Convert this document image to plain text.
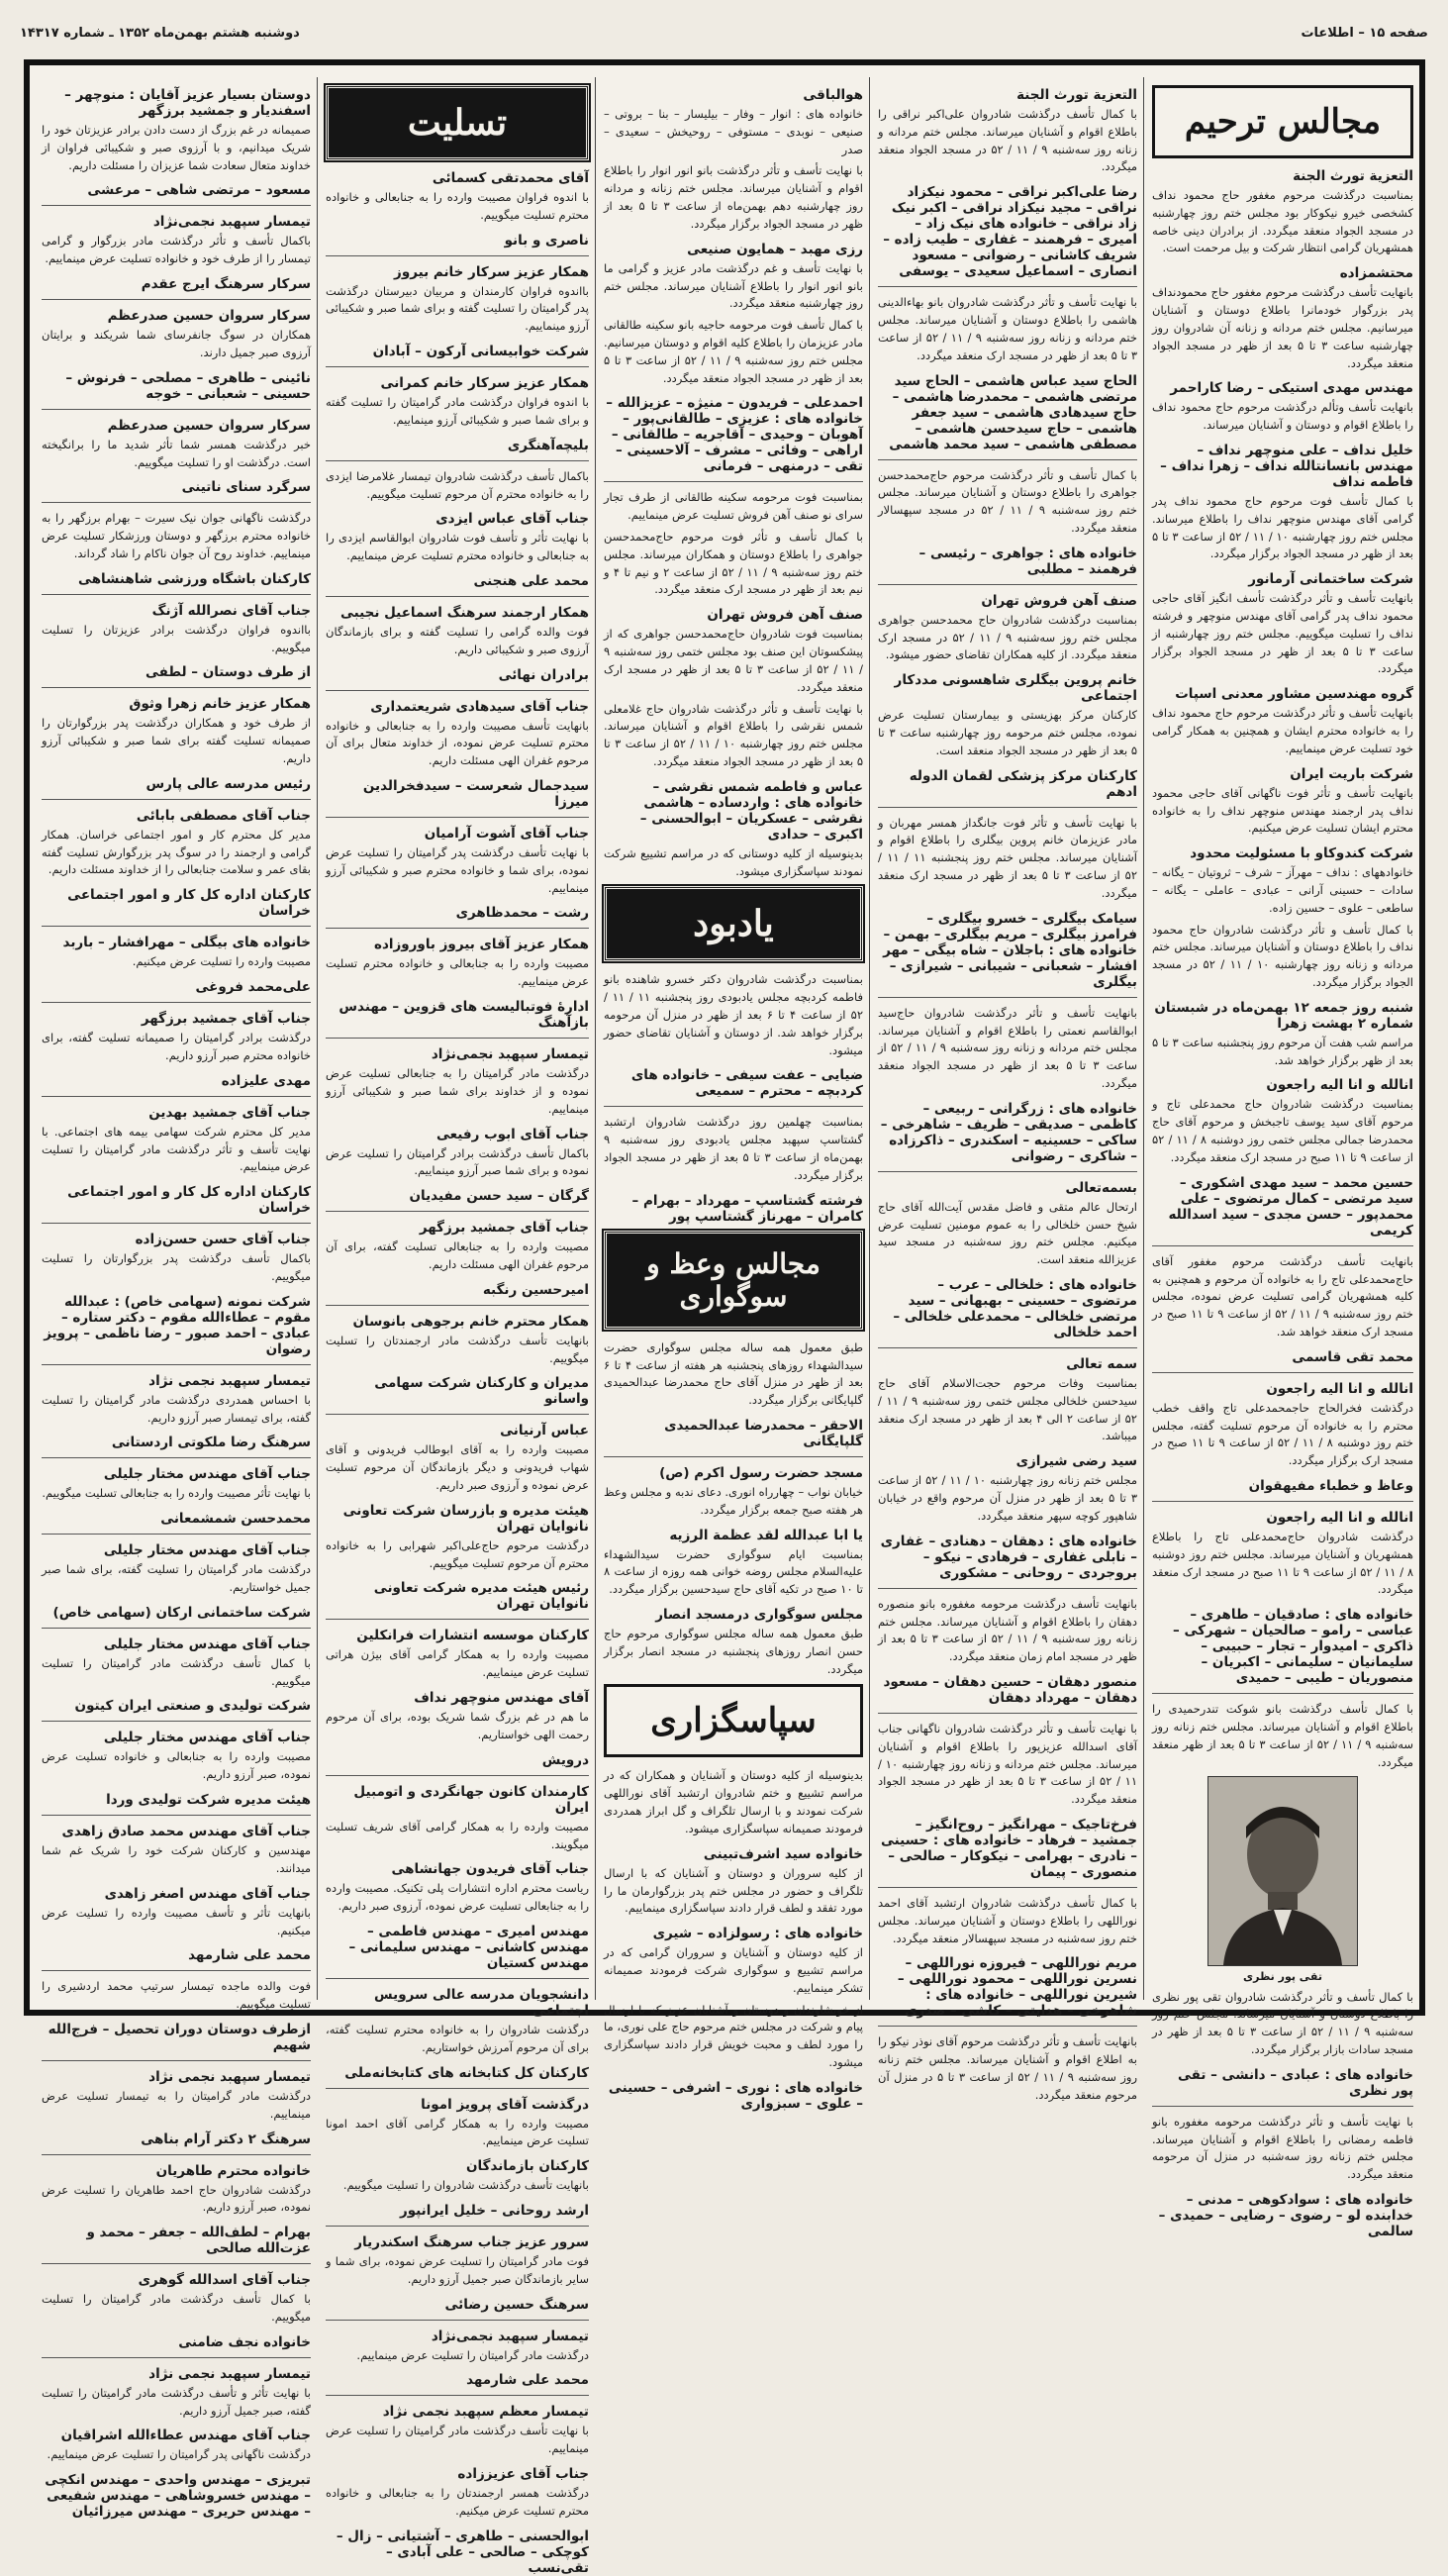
صفحه ۱۵ – اطلاعات
دوشنبه هشتم بهمن‌ماه ۱۳۵۲ ـ شماره ۱۴۳۱۷
مجالس ترحیم
التعزیة تورث الجنة
بمناسبت درگذشت مرحوم مغفور حاج محمود نداف کشخصی خیرو نیکوکار بود مجلس ختم روز چهارشنبه در مسجد الجواد منعقد میگردد. از برادران دینی خاصه همشهریان گرامی انتظار شرکت و بیل مرحمت است.
محتشمزاده
بانهایت تأسف درگذشت مرحوم مغفور حاج محمودنداف پدر بزرگوار خودمانرا باطلاع دوستان و آشنایان میرسانیم. مجلس ختم مردانه و زنانه آن شادروان روز چهارشنبه ساعت ۳ تا ۵ بعد از ظهر در مسجد الجواد منعقد میگردد.
مهندس مهدی استیکی – رضا کاراحمر
بانهایت تأسف وتألم درگذشت مرحوم حاج محمود نداف را باطلاع اقوام و دوستان و آشنایان میرساند.
خلیل نداف – علی منوچهر نداف – مهندس بانسانتالله نداف – زهرا نداف – فاطمه نداف
با کمال تأسف فوت مرحوم حاج محمود نداف پدر گرامی آقای مهندس منوچهر نداف را باطلاع میرساند. مجلس ختم روز چهارشنبه ۱۰ / ۱۱ / ۵۲ از ساعت ۳ تا ۵ بعد از ظهر در مسجد الجواد برگزار میگردد.
شرکت ساختمانی آرمانور
بانهایت تأسف و تأثر درگذشت تأسف انگیز آقای حاجی محمود نداف پدر گرامی آقای مهندس منوچهر و فرشته نداف را تسلیت میگوییم. مجلس ختم روز چهارشنبه از ساعت ۳ تا ۵ بعد از ظهر در مسجد الجواد برگزار میگردد.
گروه مهندسین مشاور معدنی اسپات
بانهایت تأسف و تأثر درگذشت مرحوم حاج محمود نداف را به خانواده محترم ایشان و همچنین به همکار گرامی خود تسلیت عرض مینماییم.
شرکت باریت ایران
بانهایت تأسف و تأثر فوت ناگهانی آقای حاجی محمود نداف پدر ارجمند مهندس منوچهر نداف را به خانواده محترم ایشان تسلیت عرض میکنیم.
شرکت کندوکاو با مسئولیت محدود
خانوادههای : نداف – مهرآز – شرف – ثروتیان – یگانه – سادات – حسینی آرانی – عبادی – عاملی – یگانه – ساطعی – علوی – حسین زاده.
با کمال تأسف و تأثر درگذشت شادروان حاج محمود نداف را باطلاع دوستان و آشنایان میرساند. مجلس ختم مردانه و زنانه روز چهارشنبه ۱۰ / ۱۱ / ۵۲ در مسجد الجواد برگزار میگردد.
شنبه روز جمعه ۱۲ بهمن‌ماه در شبستان شماره ۲ بهشت زهرا
مراسم شب هفت آن مرحوم روز پنجشنبه ساعت ۳ تا ۵ بعد از ظهر برگزار خواهد شد.
انالله و انا الیه راجعون
بمناسبت درگذشت شادروان حاج محمدعلی تاج و مرحوم آقای سید یوسف تاجبخش و مرحوم آقای حاج محمدرضا جمالی مجلس ختمی روز دوشنبه ۸ / ۱۱ / ۵۲ از ساعت ۹ تا ۱۱ صبح در مسجد ارک منعقد میگردد.
حسین محمد – سید مهدی اشکوری – سید مرتضی – کمال مرتضوی – علی محمدپور – حسن مجدی – سید اسدالله کریمی
بانهایت تأسف درگذشت مرحوم مغفور آقای حاج‌محمدعلی تاج را به خانواده آن مرحوم و همچنین به کلیه همشهریان گرامی تسلیت عرض نموده، مجلس ختم روز سه‌شنبه ۹ / ۱۱ / ۵۲ از ساعت ۹ تا ۱۱ صبح در مسجد ارک منعقد خواهد شد.
محمد تقی قاسمی
انالله و انا الیه راجعون
درگذشت فخرالحاج حاجمحمدعلی تاج واقف خطب محترم را به خانواده آن مرحوم تسلیت گفته، مجلس ختم روز دوشنبه ۸ / ۱۱ / ۵۲ از ساعت ۹ تا ۱۱ صبح در مسجد ارک برگزار میگردد.
وعاظ و خطباء مفیهقوان
انالله و انا الیه راجعون
درگذشت شادروان حاج‌محمدعلی تاج را باطلاع همشهریان و آشنایان میرساند. مجلس ختم روز دوشنبه ۸ / ۱۱ / ۵۲ از ساعت ۹ تا ۱۱ صبح در مسجد ارک منعقد میگردد.
خانواده های : صادقیان – طاهری – عباسی – رامو – صالحیان – شهرکی – ذاکری – امیدوار – تجار – حبیبی – سلیمانیان – سلیمانی – اکبریان – منصوریان – طیبی – حمیدی
با کمال تأسف درگذشت بانو شوکت تندرحمیدی را باطلاع اقوام و آشنایان میرساند. مجلس ختم زنانه روز سه‌شنبه ۹ / ۱۱ / ۵۲ از ساعت ۳ تا ۵ بعد از ظهر منعقد میگردد.
تقی پور نظری
با کمال تأسف و تأثر درگذشت شادروان تقی پور نظری را باطلاع دوستان و آشنایان میرساند. مجلس ختم روز سه‌شنبه ۹ / ۱۱ / ۵۲ از ساعت ۳ تا ۵ بعد از ظهر در مسجد سادات بازار برگزار میگردد.
خانواده های : عبادی – دانشی – تقی پور نظری
با نهایت تأسف و تأثر درگذشت مرحومه مغفوره بانو فاطمه رمضانی را باطلاع اقوام و آشنایان میرساند. مجلس ختم زنانه روز سه‌شنبه در منزل آن مرحومه منعقد میگردد.
خانواده های : سوادکوهی – مدنی – خدابنده لو – رضوی – رضایی – حمیدی – سالمی
التعزیة تورث الجنة
با کمال تأسف درگذشت شادروان علی‌اکبر نراقی را باطلاع اقوام و آشنایان میرساند. مجلس ختم مردانه و زنانه روز سه‌شنبه ۹ / ۱۱ / ۵۲ در مسجد الجواد منعقد میگردد.
رضا علی‌اکبر نراقی – محمود نیکزاد نراقی – مجید نیکزاد نراقی – اکبر نیک زاد نراقی – خانواده های نیک زاد – امیری – فرهمند – غفاری – طیب زاده – شریف کاشانی – رضوانی – مسعود انصاری – اسماعیل سعیدی – یوسفی
با نهایت تأسف و تأثر درگذشت شادروان بانو بهاءالدینی هاشمی را باطلاع دوستان و آشنایان میرساند. مجلس ختم مردانه و زنانه روز سه‌شنبه ۹ / ۱۱ / ۵۲ از ساعت ۳ تا ۵ بعد از ظهر در مسجد ارک منعقد میگردد.
الحاج سید عباس هاشمی – الحاج سید مرتضی هاشمی – محمدرضا هاشمی – حاج سیدهادی هاشمی – سید جعفر هاشمی – حاج سیدحسن هاشمی – مصطفی هاشمی – سید محمد هاشمی
با کمال تأسف و تأثر درگذشت مرحوم حاج‌محمدحسن جواهری را باطلاع دوستان و آشنایان میرساند. مجلس ختم روز سه‌شنبه ۹ / ۱۱ / ۵۲ در مسجد سپهسالار منعقد میگردد.
خانواده های : جواهری – رئیسی – فرهمند – مطلبی
صنف آهن فروش تهران
بمناسبت درگذشت شادروان حاج محمدحسن جواهری مجلس ختم روز سه‌شنبه ۹ / ۱۱ / ۵۲ در مسجد ارک منعقد میگردد. از کلیه همکاران تقاضای حضور میشود.
خانم پروین بیگلری شاهسونی مددکار اجتماعی
کارکنان مرکز بهزیستی و بیمارستان تسلیت عرض نموده، مجلس ختم مرحومه روز چهارشنبه ساعت ۳ تا ۵ بعد از ظهر در مسجد الجواد منعقد است.
کارکنان مرکز پزشکی لقمان الدوله ادهم
با نهایت تأسف و تأثر فوت جانگداز همسر مهربان و مادر عزیزمان خانم پروین بیگلری را باطلاع اقوام و آشنایان میرساند. مجلس ختم روز پنجشنبه ۱۱ / ۱۱ / ۵۲ از ساعت ۳ تا ۵ بعد از ظهر در مسجد ارک منعقد میگردد.
سیامک بیگلری – خسرو بیگلری – فرامرز بیگلری – مریم بیگلری – بهمن – خانواده های : باجلان – شاه بیگی – مهر افشار – شعبانی – شیبانی – شیرازی – بیگلری
بانهایت تأسف و تأثر درگذشت شادروان حاج‌سید ابوالقاسم نعمتی را باطلاع اقوام و آشنایان میرساند. مجلس ختم مردانه و زنانه روز سه‌شنبه ۹ / ۱۱ / ۵۲ از ساعت ۳ تا ۵ بعد از ظهر در مسجد الجواد منعقد میگردد.
خانواده های : زرگرانی – ربیعی – کاظمی – صدیقی – ظریف – شاهرخی – ساکی – حسینیه – اسکندری – ذاکرزاده – شاکری – رضوانی
بسمه‌تعالی
ارتحال عالم متقی و فاضل مقدس آیت‌الله آقای حاج شیخ حسن خلخالی را به عموم مومنین تسلیت عرض میکنیم. مجلس ختم روز سه‌شنبه در مسجد سید عزیزالله منعقد است.
خانواده های : خلخالی – عرب – مرتضوی – حسینی – بهبهانی – سید مرتضی خلخالی – محمدعلی خلخالی – احمد خلخالی
سمه تعالی
بمناسبت وفات مرحوم حجت‌الاسلام آقای حاج سیدحسن خلخالی مجلس ختمی روز سه‌شنبه ۹ / ۱۱ / ۵۲ از ساعت ۲ الی ۴ بعد از ظهر در مسجد ارک منعقد میباشد.
سید رضی شیرازی
مجلس ختم زنانه روز چهارشنبه ۱۰ / ۱۱ / ۵۲ از ساعت ۳ تا ۵ بعد از ظهر در منزل آن مرحوم واقع در خیابان شاهپور کوچه سپهر منعقد میگردد.
خانواده های : دهقان – دهنادی – غفاری – نابلی غفاری – فرهادی – نیکو – بروجردی – روحانی – مشکوری
بانهایت تأسف درگذشت مرحومه مغفوره بانو منصوره دهقان را باطلاع اقوام و آشنایان میرساند. مجلس ختم زنانه روز سه‌شنبه ۹ / ۱۱ / ۵۲ از ساعت ۳ تا ۵ بعد از ظهر در مسجد امام زمان منعقد میگردد.
منصور دهقان – حسین دهقان – مسعود دهقان – مهرداد دهقان
با نهایت تأسف و تأثر درگذشت شادروان ناگهانی جناب آقای اسدالله عزیزپور را باطلاع اقوام و آشنایان میرساند. مجلس ختم مردانه و زنانه روز چهارشنبه ۱۰ / ۱۱ / ۵۲ از ساعت ۳ تا ۵ بعد از ظهر در مسجد الجواد منعقد میگردد.
فرخ‌تاجیک – مهرانگیز – روح‌انگیز – جمشید – فرهاد – خانواده های : حسینی – نادری – بهرامی – نیکوکار – صالحی – منصوری – پیمان
با کمال تأسف درگذشت شادروان ارتشبد آقای احمد نوراللهی را باطلاع دوستان و آشنایان میرساند. مجلس ختم روز سه‌شنبه در مسجد سپهسالار منعقد میگردد.
مریم نوراللهی – فیروزه نوراللهی – نسرین نوراللهی – محمود نوراللهی – شیرین نوراللهی – خانواده های : شاهرخی – هدایتی – کاشی – صدری
بانهایت تأسف و تأثر درگذشت مرحوم آقای نوذر نیکو را به اطلاع اقوام و آشنایان میرساند. مجلس ختم زنانه روز سه‌شنبه ۹ / ۱۱ / ۵۲ از ساعت ۳ تا ۵ در منزل آن مرحوم منعقد میگردد.
هوالباقی
خانواده های : انوار – وفار – بیلیسار – بنا – بروتی – صنیعی – نوبدی – مستوفی – روحیخش – سعیدی – صدر
با نهایت تأسف و تأثر درگذشت بانو انور انوار را باطلاع اقوام و آشنایان میرساند. مجلس ختم زنانه و مردانه روز چهارشنبه دهم بهمن‌ماه از ساعت ۳ تا ۵ بعد از ظهر در مسجد الجواد برگزار میگردد.
رزی مهبد – همایون صنیعی
با نهایت تأسف و غم درگذشت مادر عزیز و گرامی ما بانو انور انوار را باطلاع آشنایان میرساند. مجلس ختم روز چهارشنبه منعقد میگردد.
با کمال تأسف فوت مرحومه حاجیه بانو سکینه طالقانی مادر عزیزمان را باطلاع کلیه اقوام و دوستان میرسانیم. مجلس ختم روز سه‌شنبه ۹ / ۱۱ / ۵۲ از ساعت ۳ تا ۵ بعد از ظهر در مسجد الجواد منعقد میگردد.
احمدعلی – فریدون – منیژه – عزیزالله – خانواده های : عزیزی – طالقانی‌پور – آهوبان – وحیدی – آقاجریه – طالقانی – اراهی – وفائی – مشرف – آلاحسینی – تقی – درمنهی – فرمانی
بمناسبت فوت مرحومه سکینه طالقانی از طرف تجار سرای نو صنف آهن فروش تسلیت عرض مینماییم.
با کمال تأسف و تأثر فوت مرحوم حاج‌محمدحسن جواهری را باطلاع دوستان و همکاران میرساند. مجلس ختم روز سه‌شنبه ۹ / ۱۱ / ۵۲ از ساعت ۲ و نیم تا ۴ و نیم بعد از ظهر در مسجد ارک منعقد میگردد.
صنف آهن فروش تهران
بمناسبت فوت شادروان حاج‌محمدحسن جواهری که از پیشکسوتان این صنف بود مجلس ختمی روز سه‌شنبه ۹ / ۱۱ / ۵۲ از ساعت ۳ تا ۵ بعد از ظهر در مسجد ارک منعقد میگردد.
با نهایت تأسف و تأثر درگذشت شادروان حاج غلامعلی شمس نقرشی را باطلاع اقوام و آشنایان میرساند. مجلس ختم روز چهارشنبه ۱۰ / ۱۱ / ۵۲ از ساعت ۳ تا ۵ بعد از ظهر در مسجد الجواد منعقد میگردد.
عباس و فاطمه شمس نقرشی – خانواده های : واردساده – هاشمی نقرشی – عسکریان – ابوالحسنی – اکبری – حدادی
بدینوسیله از کلیه دوستانی که در مراسم تشییع شرکت نمودند سپاسگزاری میشود.
یادبود
بمناسبت درگذشت شادروان دکتر خسرو شاهنده بانو فاطمه کردبچه مجلس یادبودی روز پنجشنبه ۱۱ / ۱۱ / ۵۲ از ساعت ۴ تا ۶ بعد از ظهر در منزل آن مرحومه برگزار خواهد شد. از دوستان و آشنایان تقاضای حضور میشود.
ضیایی – عفت سیفی – خانواده های کردبچه – محترم – سمیعی
بمناسبت چهلمین روز درگذشت شادروان ارتشبد گشتاسپ سپهبد مجلس یادبودی روز سه‌شنبه ۹ بهمن‌ماه از ساعت ۳ تا ۵ بعد از ظهر در مسجد الجواد برگزار میگردد.
فرشته گشتاسپ – مهرداد – بهرام – کامران – مهرناز گشتاسپ پور
مجالس وعظ و سوگواری
طبق معمول همه ساله مجلس سوگواری حضرت سیدالشهداء روزهای پنجشنبه هر هفته از ساعت ۴ تا ۶ بعد از ظهر در منزل آقای حاج محمدرضا عبدالحمیدی گلپایگانی برگزار میگردد.
الاحقر – محمدرضا عبدالحمیدی گلپایگانی
مسجد حضرت رسول اکرم (ص)
خیابان نواب – چهارراه انوری. دعای ندبه و مجلس وعظ هر هفته صبح جمعه برگزار میگردد.
یا ابا عبدالله لقد عظمة الرزیه
بمناسبت ایام سوگواری حضرت سیدالشهداء علیه‌السلام مجلس روضه خوانی همه روزه از ساعت ۸ تا ۱۰ صبح در تکیه آقای حاج سیدحسین برگزار میگردد.
مجلس سوگواری درمسجد انصار
طبق معمول همه ساله مجلس سوگواری مرحوم حاج حسن انصار روزهای پنجشنبه در مسجد انصار برگزار میگردد.
سپاسگزاری
بدینوسیله از کلیه دوستان و آشنایان و همکاران که در مراسم تشییع و ختم شادروان ارتشبد آقای نوراللهی شرکت نمودند و با ارسال تلگراف و گل ابراز همدردی فرمودند صمیمانه سپاسگزاری میشود.
خانواده سید اشرف‌تبینی
از کلیه سروران و دوستان و آشنایان که با ارسال تلگراف و حضور در مجلس ختم پدر بزرگوارمان ما را مورد تفقد و لطف قرار دادند سپاسگزاری مینماییم.
خانواده های : رسولزاده – شیری
از کلیه دوستان و آشنایان و سروران گرامی که در مراسم تشییع و سوگواری شرکت فرمودند صمیمانه تشکر مینماییم.
از خویشاوندان و دوستان و آشنایان عزیز که با ارسال پیام و شرکت در مجلس ختم مرحوم حاج علی نوری، ما را مورد لطف و محبت خویش قرار دادند سپاسگزاری میشود.
خانواده های : نوری – اشرفی – حسینی – علوی – سبزواری
تسلیت
آقای محمدتقی کسمائی
با اندوه فراوان مصیبت وارده را به جنابعالی و خانواده محترم تسلیت میگوییم.
ناصری و بانو
همکار عزیز سرکار خانم بیروز
بااندوه فراوان کارمندان و مربیان دبیرستان درگذشت پدر گرامیتان را تسلیت گفته و برای شما صبر و شکیبائی آرزو مینماییم.
شرکت خوابیسانی آرکون – آبادان
همکار عزیز سرکار خانم کمرانی
با اندوه فراوان درگذشت مادر گرامیتان را تسلیت گفته و برای شما صبر و شکیبائی آرزو مینماییم.
بلیچه‌آهنگری
باکمال تأسف درگذشت شادروان تیمسار غلامرضا ایزدی را به خانواده محترم آن مرحوم تسلیت میگوییم.
جناب آقای عباس ایزدی
با نهایت تأثر و تأسف فوت شادروان ابوالقاسم ایزدی را به جنابعالی و خانواده محترم تسلیت عرض مینماییم.
محمد علی هنجنی
همکار ارجمند سرهنگ اسماعیل نجیبی
فوت والده گرامی را تسلیت گفته و برای بازماندگان آرزوی صبر و شکیبائی داریم.
برادران نهائی
جناب آقای سیدهادی شریعتمداری
بانهایت تأسف مصیبت وارده را به جنابعالی و خانواده محترم تسلیت عرض نموده، از خداوند متعال برای آن مرحوم غفران الهی مسئلت داریم.
سیدجمال شعرست – سیدفخرالدین میرزا
جناب آقای آشوت آرامیان
با نهایت تأسف درگذشت پدر گرامیتان را تسلیت عرض نموده، برای شما و خانواده محترم صبر و شکیبائی آرزو مینماییم.
رشت – محمدظاهری
همکار عزیز آقای بیروز باوروزاده
مصیبت وارده را به جنابعالی و خانواده محترم تسلیت عرض مینماییم.
ادارۀ فوتبالیست های قزوین – مهندس بازآهنگ
تیمسار سپهبد نجمی‌نژاد
درگذشت مادر گرامیتان را به جنابعالی تسلیت عرض نموده و از خداوند برای شما صبر و شکیبائی آرزو مینماییم.
جناب آقای ابوب رفیعی
باکمال تأسف درگذشت برادر گرامیتان را تسلیت عرض نموده و برای شما صبر آرزو مینماییم.
گرگان – سید حسن مفیدیان
جناب آقای جمشید برزگهر
مصیبت وارده را به جنابعالی تسلیت گفته، برای آن مرحوم غفران الهی مسئلت داریم.
امیرحسین رنگبه
همکار محترم خانم برجوهی بانوسان
بانهایت تأسف درگذشت مادر ارجمندتان را تسلیت میگوییم.
مدیران و کارکنان شرکت سهامی واسانو
عباس آرنیانی
مصیبت وارده را به آقای ابوطالب فریدونی و آقای شهاب فریدونی و دیگر بازماندگان آن مرحوم تسلیت عرض نموده و آرزوی صبر داریم.
هیئت مدیره و بازرسان شرکت تعاونی نانوایان تهران
درگذشت مرحوم حاج‌علی‌اکبر شهرابی را به خانواده محترم آن مرحوم تسلیت میگوییم.
رئیس هیئت مدیره شرکت تعاونی نانوایان تهران
کارکنان موسسه انتشارات فرانکلین
مصیبت وارده را به همکار گرامی آقای بیژن هراتی تسلیت عرض مینماییم.
آقای مهندس منوچهر نداف
ما هم در غم بزرگ شما شریک بوده، برای آن مرحوم رحمت الهی خواستاریم.
درویش
کارمندان کانون جهانگردی و اتومبیل ایران
مصیبت وارده را به همکار گرامی آقای شریف تسلیت میگویند.
جناب آقای فریدون جهانشاهی
ریاست محترم اداره انتشارات پلی تکنیک. مصیبت وارده را به جنابعالی تسلیت عرض نموده، آرزوی صبر داریم.
مهندس امیری – مهندس فاطمی – مهندس کاشانی – مهندس سلیمانی – مهندس کستیان
دانشجویان مدرسه عالی سرویس اجتماعی
درگذشت شادروان را به خانواده محترم تسلیت گفته، برای آن مرحوم آمرزش خواستاریم.
کارکنان کل کتابخانه های کتابخانه‌ملی
درگذشت آقای پرویز امونا
مصیبت وارده را به همکار گرامی آقای احمد امونا تسلیت عرض مینماییم.
کارکنان بازماندگان
بانهایت تأسف درگذشت شادروان را تسلیت میگوییم.
ارشد روحانی – خلیل ایرانپور
سرور عزیز جناب سرهنگ اسکندریار
فوت مادر گرامیتان را تسلیت عرض نموده، برای شما و سایر بازماندگان صبر جمیل آرزو داریم.
سرهنگ حسین رضائی
تیمسار سپهبد نجمی‌نژاد
درگذشت مادر گرامیتان را تسلیت عرض مینماییم.
محمد علی شارمهد
تیمسار معظم سپهبد نجمی نژاد
با نهایت تأسف درگذشت مادر گرامیتان را تسلیت عرض مینماییم.
جناب آقای عزیززاده
درگذشت همسر ارجمندتان را به جنابعالی و خانواده محترم تسلیت عرض میکنیم.
ابوالحسنی – طاهری – آشتیانی – زال – کوچکی – صالحی – علی آبادی – تقی‌نسب
دوستان بسیار عزیز آقایان : منوچهر – اسفندیار و جمشید برزگهر
صمیمانه در غم بزرگ از دست دادن برادر عزیزتان خود را شریک میدانیم، و با آرزوی صبر و شکیبائی فراوان از خداوند متعال سعادت شما عزیزان را مسئلت داریم.
مسعود – مرتضی شاهی – مرعشی
تیمسار سپهبد نجمی‌نژاد
باکمال تأسف و تأثر درگذشت مادر بزرگوار و گرامی تیمسار را از طرف خود و خانواده تسلیت عرض مینماییم.
سرکار سرهنگ ایرج عقدم
سرکار سروان حسین صدرعظم
همکاران در سوگ جانفرسای شما شریکند و برایتان آرزوی صبر جمیل دارند.
نائینی – طاهری – مصلحی – فرنوش – حسینی – شعبانی – خوجه
سرکار سروان حسین صدرعظم
خبر درگذشت همسر شما تأثر شدید ما را برانگیخته است. درگذشت او را تسلیت میگوییم.
سرگرد سنای ناتینی
درگذشت ناگهانی جوان نیک سیرت – بهرام برزگهر را به خانواده محترم برزگهر و دوستان ورزشکار تسلیت عرض مینماییم. خداوند روح آن جوان ناکام را شاد گرداند.
کارکنان باشگاه ورزشی شاهنشاهی
جناب آقای نصرالله آژنگ
بااندوه فراوان درگذشت برادر عزیزتان را تسلیت میگوییم.
از طرف دوستان – لطفی
همکار عزیز خانم زهرا وثوق
از طرف خود و همکاران درگذشت پدر بزرگوارتان را صمیمانه تسلیت گفته برای شما صبر و شکیبائی آرزو داریم.
رئیس مدرسه عالی پارس
جناب آقای مصطفی بابائی
مدیر کل محترم کار و امور اجتماعی خراسان. همکار گرامی و ارجمند را در سوگ پدر بزرگوارش تسلیت گفته بقای عمر و سلامت جنابعالی را از خداوند مسئلت داریم.
کارکنان اداره کل کار و امور اجتماعی خراسان
خانواده های بیگلی – مهرافشار – باربد
مصیبت وارده را تسلیت عرض میکنیم.
علی‌محمد فروغی
جناب آقای جمشید برزگهر
درگذشت برادر گرامیتان را صمیمانه تسلیت گفته، برای خانواده محترم صبر آرزو داریم.
مهدی علیزاده
جناب آقای جمشید بهدین
مدیر کل محترم شرکت سهامی بیمه های اجتماعی. با نهایت تأسف و تأثر درگذشت مادر گرامیتان را تسلیت عرض مینماییم.
کارکنان اداره کل کار و امور اجتماعی خراسان
جناب آقای حسن حسن‌زاده
باکمال تأسف درگذشت پدر بزرگوارتان را تسلیت میگوییم.
شرکت نمونه (سهامی خاص) : عبدالله مقوم – عطاءالله مقوم – دکتر ستاره – عبادی – احمد صبور – رضا ناظمی – پرویز رضوان
تیمسار سپهبد نجمی نژاد
با احساس همدردی درگذشت مادر گرامیتان را تسلیت گفته، برای تیمسار صبر آرزو داریم.
سرهنگ رضا ملکوتی اردستانی
جناب آقای مهندس مختار جلیلی
با نهایت تأثر مصیبت وارده را به جنابعالی تسلیت میگوییم.
محمدحسن شمشمعانی
جناب آقای مهندس مختار جلیلی
درگذشت مادر گرامیتان را تسلیت گفته، برای شما صبر جمیل خواستاریم.
شرکت ساختمانی ارکان (سهامی خاص)
جناب آقای مهندس مختار جلیلی
با کمال تأسف درگذشت مادر گرامیتان را تسلیت میگوییم.
شرکت تولیدی و صنعتی ایران کیتون
جناب آقای مهندس مختار جلیلی
مصیبت وارده را به جنابعالی و خانواده تسلیت عرض نموده، صبر آرزو داریم.
هیئت مدیره شرکت تولیدی وردا
جناب آقای مهندس محمد صادق زاهدی
مهندسین و کارکنان شرکت خود را شریک غم شما میدانند.
جناب آقای مهندس اصغر زاهدی
بانهایت تأثر و تأسف مصیبت وارده را تسلیت عرض میکنیم.
محمد علی شارمهد
فوت والده ماجده تیمسار سرتیپ محمد اردشیری را تسلیت میگوییم.
ازطرف دوستان دوران تحصیل – فرج‌الله شهیم
تیمسار سپهبد نجمی نژاد
درگذشت مادر گرامیتان را به تیمسار تسلیت عرض مینماییم.
سرهنگ ۲ دکتر آرام بناهی
خانواده محترم طاهریان
درگذشت شادروان حاج احمد طاهریان را تسلیت عرض نموده، صبر آرزو داریم.
بهرام – لطف‌الله – جعفر – محمد و عزت‌الله صالحی
جناب آقای اسدالله گوهری
با کمال تأسف درگذشت مادر گرامیتان را تسلیت میگوییم.
خانواده نجف ضامنی
تیمسار سپهبد نجمی نژاد
با نهایت تأثر و تأسف درگذشت مادر گرامیتان را تسلیت گفته، صبر جمیل آرزو داریم.
جناب آقای مهندس عطاءالله اشراقیان
درگذشت ناگهانی پدر گرامیتان را تسلیت عرض مینماییم.
تبریزی – مهندس واحدی – مهندس انکچی – مهندس خسروشاهی – مهندس شفیعی – مهندس حریری – مهندس میرزائیان
